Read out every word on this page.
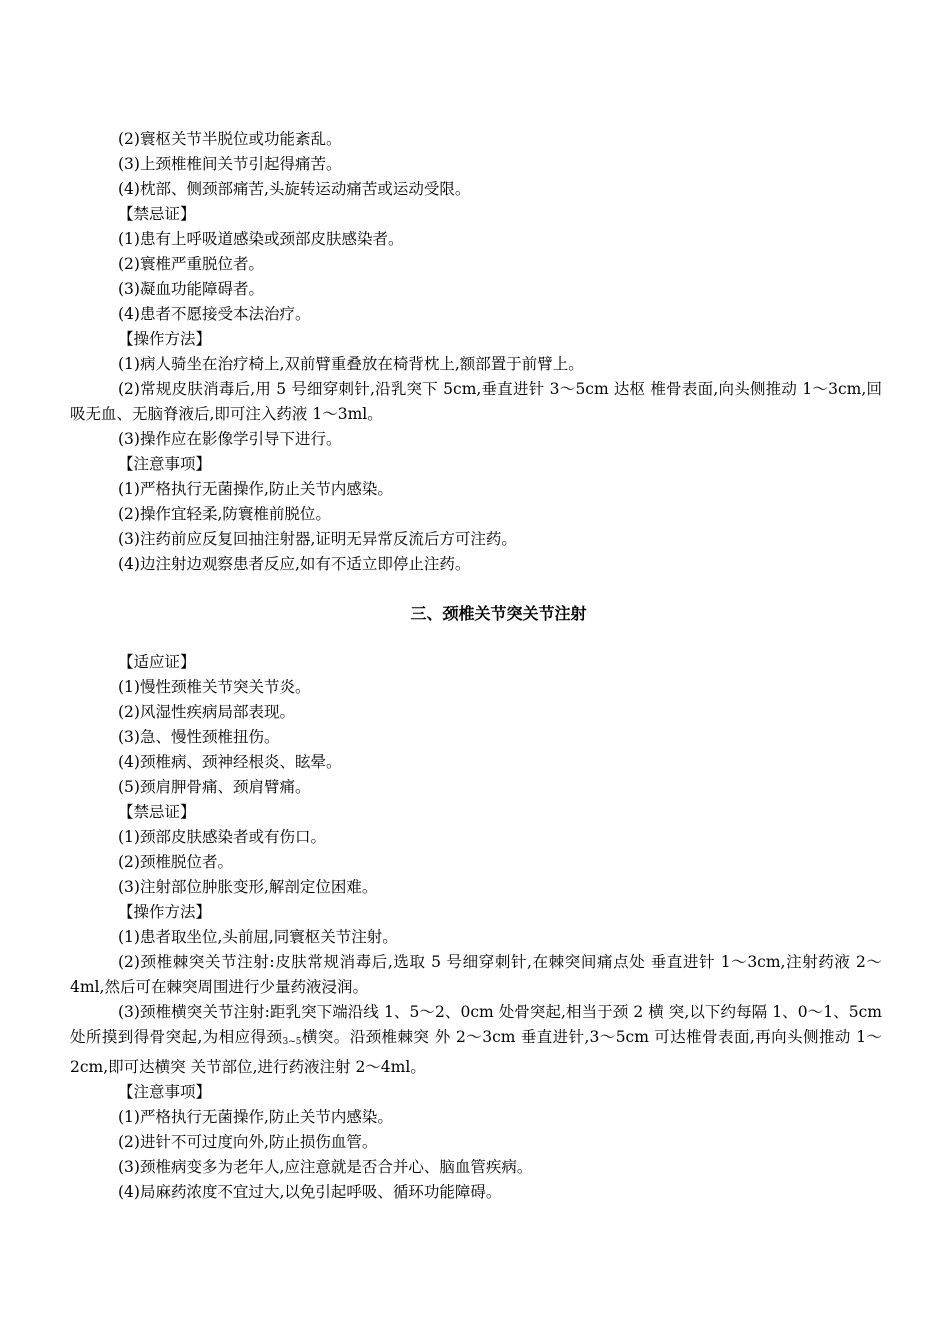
(2)寰枢关节半脱位或功能紊乱。
(3)上颈椎椎间关节引起得痛苦。
(4)枕部、侧颈部痛苦,头旋转运动痛苦或运动受限。
【禁忌证】
(1)患有上呼吸道感染或颈部皮肤感染者。
(2)寰椎严重脱位者。
(3)凝血功能障碍者。
(4)患者不愿接受本法治疗。
【操作方法】
(1)病人骑坐在治疗椅上,双前臂重叠放在椅背枕上,额部置于前臂上。
(2)常规皮肤消毒后,用 5 号细穿刺针,沿乳突下 5cm,垂直进针 3～5cm 达枢 椎骨表面,向头侧推动 1～3cm,回吸无血、无脑脊液后,即可注入药液 1～3ml。
(3)操作应在影像学引导下进行。
【注意事项】
(1)严格执行无菌操作,防止关节内感染。
(2)操作宜轻柔,防寰椎前脱位。
(3)注药前应反复回抽注射器,证明无异常反流后方可注药。
(4)边注射边观察患者反应,如有不适立即停止注药。
三、颈椎关节突关节注射
【适应证】
(1)慢性颈椎关节突关节炎。
(2)风湿性疾病局部表现。
(3)急、慢性颈椎扭伤。
(4)颈椎病、颈神经根炎、眩晕。
(5)颈肩胛骨痛、颈肩臂痛。
【禁忌证】
(1)颈部皮肤感染者或有伤口。
(2)颈椎脱位者。
(3)注射部位肿胀变形,解剖定位困难。
【操作方法】
(1)患者取坐位,头前屈,同寰枢关节注射。
(2)颈椎棘突关节注射:皮肤常规消毒后,选取 5 号细穿刺针,在棘突间痛点处 垂直进针 1～3cm,注射药液 2～4ml,然后可在棘突周围进行少量药液浸润。
(3)颈椎横突关节注射:距乳突下端沿线 1、5～2、0cm 处骨突起,相当于颈 2 横 突,以下约每隔 1、0～1、5cm 处所摸到得骨突起,为相应得颈$_{3\sim 5}$横突。沿颈椎棘突 外 2～3cm 垂直进针,3～5cm 可达椎骨表面,再向头侧推动 1～2cm,即可达横突 关节部位,进行药液注射 2～4ml。
【注意事项】
(1)严格执行无菌操作,防止关节内感染。
(2)进针不可过度向外,防止损伤血管。
(3)颈椎病变多为老年人,应注意就是否合并心、脑血管疾病。
(4)局麻药浓度不宜过大,以免引起呼吸、循环功能障碍。
